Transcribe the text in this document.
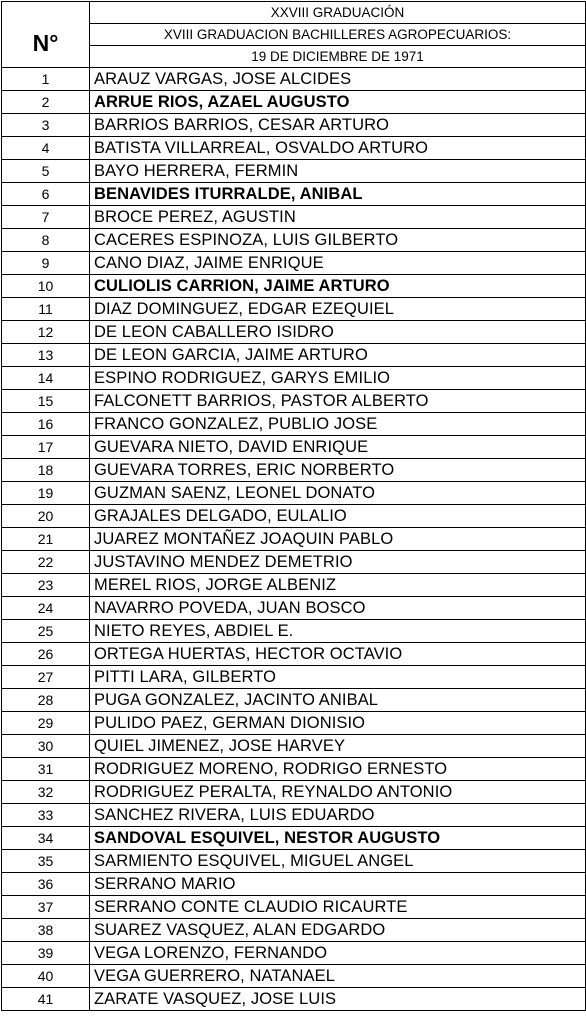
N°	XXVIII GRADUACIÓN
	XVIII GRADUACION BACHILLERES AGROPECUARIOS:
	19 DE DICIEMBRE DE 1971
1	ARAUZ VARGAS, JOSE ALCIDES
2	ARRUE RIOS, AZAEL AUGUSTO
3	BARRIOS BARRIOS, CESAR ARTURO
4	BATISTA VILLARREAL, OSVALDO ARTURO
5	BAYO HERRERA, FERMIN
6	BENAVIDES ITURRALDE, ANIBAL
7	BROCE PEREZ, AGUSTIN
8	CACERES ESPINOZA, LUIS GILBERTO
9	CANO DIAZ, JAIME ENRIQUE
10	CULIOLIS CARRION, JAIME ARTURO
11	DIAZ DOMINGUEZ, EDGAR EZEQUIEL
12	DE LEON CABALLERO ISIDRO
13	DE LEON GARCIA, JAIME ARTURO
14	ESPINO RODRIGUEZ, GARYS EMILIO
15	FALCONETT BARRIOS, PASTOR ALBERTO
16	FRANCO GONZALEZ, PUBLIO JOSE
17	GUEVARA NIETO, DAVID ENRIQUE
18	GUEVARA TORRES, ERIC NORBERTO
19	GUZMAN SAENZ, LEONEL DONATO
20	GRAJALES DELGADO, EULALIO
21	JUAREZ MONTAÑEZ JOAQUIN PABLO
22	JUSTAVINO MENDEZ DEMETRIO
23	MEREL RIOS, JORGE ALBENIZ
24	NAVARRO POVEDA, JUAN BOSCO
25	NIETO REYES, ABDIEL E.
26	ORTEGA HUERTAS, HECTOR OCTAVIO
27	PITTI LARA, GILBERTO
28	PUGA GONZALEZ, JACINTO ANIBAL
29	PULIDO PAEZ, GERMAN DIONISIO
30	QUIEL JIMENEZ, JOSE HARVEY
31	RODRIGUEZ MORENO, RODRIGO ERNESTO
32	RODRIGUEZ PERALTA, REYNALDO ANTONIO
33	SANCHEZ RIVERA, LUIS EDUARDO
34	SANDOVAL ESQUIVEL, NESTOR AUGUSTO
35	SARMIENTO ESQUIVEL, MIGUEL ANGEL
36	SERRANO MARIO
37	SERRANO CONTE CLAUDIO RICAURTE
38	SUAREZ VASQUEZ, ALAN EDGARDO
39	VEGA LORENZO, FERNANDO
40	VEGA GUERRERO, NATANAEL
41	ZARATE VASQUEZ, JOSE LUIS
